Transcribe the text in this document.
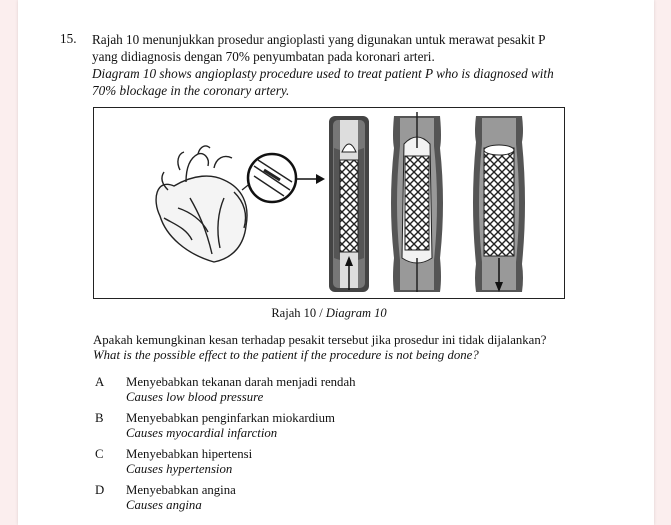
15. Rajah 10 menunjukkan prosedur angioplasti yang digunakan untuk merawat pesakit P yang didiagnosis dengan 70% penyumbatan pada koronari arteri.
Diagram 10 shows angioplasty procedure used to treat patient P who is diagnosed with 70% blockage in the coronary artery.
Rajah 10 / Diagram 10
Apakah kemungkinan kesan terhadap pesakit tersebut jika prosedur ini tidak dijalankan?
What is the possible effect to the patient if the procedure is not being done?
A Menyebabkan tekanan darah menjadi rendah
Causes low blood pressure
B Menyebabkan penginfarkan miokardium
Causes myocardial infarction
C Menyebabkan hipertensi
Causes hypertension
D Menyebabkan angina
Causes angina
